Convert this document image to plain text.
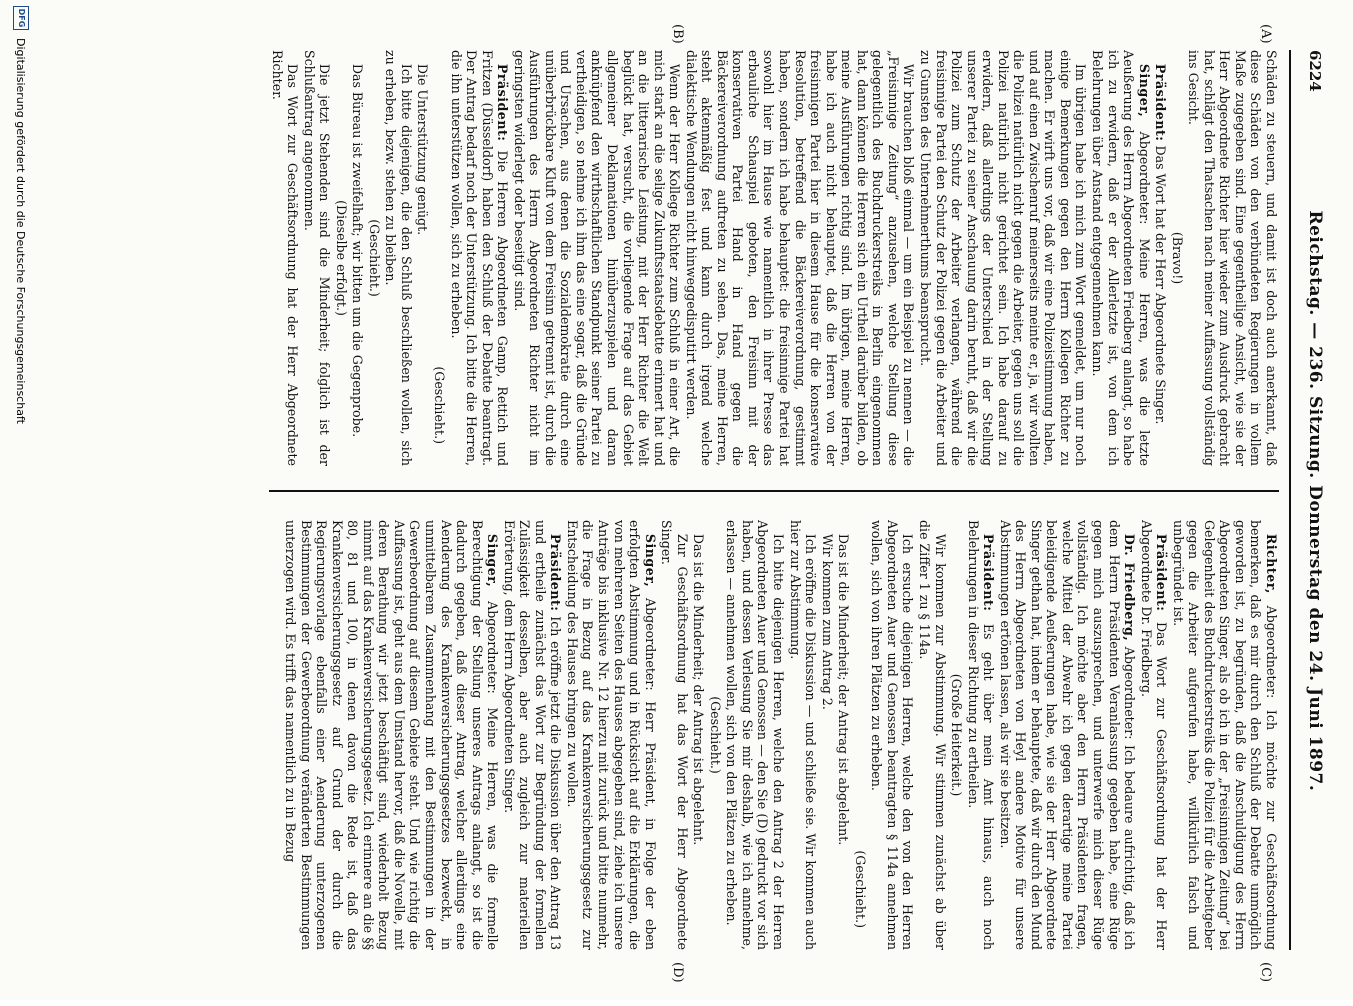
6224
Reichstag. — 236. Sitzung. Donnerstag den 24. Juni 1897.
(A)
(B)
(C)
(D)

Schäden zu steuern, und damit ist doch auch anerkannt, daß diese Schäden von den verbündeten Regierungen in vollem Maße zugegeben sind. Eine gegentheilige Ansicht, wie sie der Herr Abgeordnete Richter hier wieder zum Ausdruck gebracht hat, schlägt den Thatsachen nach meiner Auffassung vollständig ins Gesicht.

(Bravo!)

Präsident: Das Wort hat der Herr Abgeordnete Singer.

Singer, Abgeordneter: Meine Herren, was die letzte Aeußerung des Herrn Abgeordneten Friedberg anlangt, so habe ich zu erwidern, daß er der Allerletzte ist, von dem ich Belehrungen über Anstand entgegennehmen kann.

Im übrigen habe ich mich zum Wort gemeldet, um nur noch einige Bemerkungen gegen den Herrn Kollegen Richter zu machen. Er wirft uns vor, daß wir eine Polizeistimmung haben, und auf einen Zwischenruf meinerseits meinte er, ja, wir wollten die Polizei natürlich nicht gegen die Arbeiter, gegen uns soll die Polizei natürlich nicht gerichtet sein. Ich habe darauf zu erwidern, daß allerdings der Unterschied in der Stellung unserer Partei zu seiner Anschauung darin beruht, daß wir die Polizei zum Schutz der Arbeiter verlangen, während die freisinnige Partei den Schutz der Polizei gegen die Arbeiter und zu Gunsten des Unternehmerthums beansprucht.

Wir brauchen bloß einmal — um ein Beispiel zu nennen — die „Freisinnige Zeitung“ anzusehen, welche Stellung diese gelegentlich des Buchdruckerstreiks in Berlin eingenommen hat, dann können die Herren sich ein Urtheil darüber bilden, ob meine Ausführungen richtig sind. Im übrigen, meine Herren, habe ich auch nicht behauptet, daß die Herren von der freisinnigen Partei hier in diesem Hause für die konservative Resolution, betreffend die Bäckereiverordnung, gestimmt haben, sondern ich habe behauptet: die freisinnige Partei hat sowohl hier im Hause wie namentlich in ihrer Presse das erbauliche Schauspiel geboten, den Freisinn mit der konservativen Partei Hand in Hand gegen die Bäckereiverordnung auftreten zu sehen. Das, meine Herren, steht aktenmäßig fest und kann durch irgend welche dialektische Wendungen nicht hinweggedisputirt werden.

Wenn der Herr Kollege Richter zum Schluß in einer Art, die mich stark an die selige Zukunftsstaatsdebatte erinnert hat und an die litterarische Leistung, mit der Herr Richter die Welt beglückt hat, versucht, die vorliegende Frage auf das Gebiet allgemeiner Deklamationen hinüberzuspielen und daran anknüpfend den wirthschaftlichen Standpunkt seiner Partei zu vertheidigen, so nehme ich ihm das eine sogar, daß die Gründe und Ursachen, aus denen die Sozialdemokratie durch eine unüberbrückbare Kluft von dem Freisinn getrennt ist, durch die Ausführungen des Herrn Abgeordneten Richter nicht im geringsten widerlegt oder beseitigt sind.

Präsident: Die Herren Abgeordneten Gamp, Rettich und Fritzen (Düsseldorf) haben den Schluß der Debatte beantragt. Der Antrag bedarf noch der Unterstützung. Ich bitte die Herren, die ihn unterstützen wollen, sich zu erheben.

(Geschieht.)

Die Unterstützung genügt.

Ich bitte diejenigen, die den Schluß beschließen wollen, sich zu erheben, bezw. stehen zu bleiben.

(Geschieht.)

Das Büreau ist zweifelhaft; wir bitten um die Gegenprobe.

(Dieselbe erfolgt.)

Die jetzt Stehenden sind die Minderheit; folglich ist der Schlußantrag angenommen.

Das Wort zur Geschäftsordnung hat der Herr Abgeordnete Richter.

Richter, Abgeordneter: Ich möchte zur Geschäftsordnung bemerken, daß es mir durch den Schluß der Debatte unmöglich geworden ist, zu begründen, daß die Anschuldigung des Herrn Abgeordneten Singer, als ob ich in der „Freisinnigen Zeitung“ bei Gelegenheit des Buchdruckerstreiks die Polizei für die Arbeitgeber gegen die Arbeiter aufgerufen habe, willkürlich falsch und unbegründet ist.

Präsident: Das Wort zur Geschäftsordnung hat der Herr Abgeordnete Dr. Friedberg.

Dr. Friedberg, Abgeordneter: Ich bedaure aufrichtig, daß ich dem Herrn Präsidenten Veranlassung gegeben habe, eine Rüge gegen mich auszusprechen, und unterwerfe mich dieser Rüge vollständig. Ich möchte aber den Herrn Präsidenten fragen, welche Mittel der Abwehr ich gegen derartige meine Partei beleidigende Aeußerungen habe, wie sie der Herr Abgeordnete Singer gethan hat, indem er behauptete, daß wir durch den Mund des Herrn Abgeordneten von Heyl andere Motive für unsere Abstimmungen ertönen lassen, als wir sie besitzen.

Präsident: Es geht über mein Amt hinaus, auch noch Belehrungen in dieser Richtung zu ertheilen.

(Große Heiterkeit.)

Wir kommen zur Abstimmung. Wir stimmen zunächst ab über die Ziffer 1 zu § 114a.

Ich ersuche diejenigen Herren, welche den von den Herren Abgeordneten Auer und Genossen beantragten § 114a annehmen wollen, sich von ihren Plätzen zu erheben.

(Geschieht.)

Das ist die Minderheit; der Antrag ist abgelehnt.

Wir kommen zum Antrag 2.

Ich eröffne die Diskussion — und schließe sie. Wir kommen auch hier zur Abstimmung.

Ich bitte diejenigen Herren, welche den Antrag 2 der Herren Abgeordneten Auer und Genossen — den Sie (D) gedruckt vor sich haben, und dessen Verlesung Sie mir deshalb, wie ich annehme, erlassen — annehmen wollen, sich von den Plätzen zu erheben.

(Geschieht.)

Das ist die Minderheit; der Antrag ist abgelehnt.

Zur Geschäftsordnung hat das Wort der Herr Abgeordnete Singer.

Singer, Abgeordneter: Herr Präsident, in Folge der eben erfolgten Abstimmung und in Rücksicht auf die Erklärungen, die von mehreren Seiten des Hauses abgegeben sind, ziehe ich unsere Anträge bis inklusive Nr. 12 hierzu mit zurück und bitte nunmehr, die Frage in Bezug auf das Krankenversicherungsgesetz zur Entscheidung des Hauses bringen zu wollen.

Präsident: Ich eröffne jetzt die Diskussion über den Antrag 13 und ertheile zunächst das Wort zur Begründung der formellen Zulässigkeit desselben, aber auch zugleich zur materiellen Erörterung, dem Herrn Abgeordneten Singer.

Singer, Abgeordneter: Meine Herren, was die formelle Berechtigung der Stellung unseres Antrags anlangt, so ist die dadurch gegeben, daß dieser Antrag, welcher allerdings eine Aenderung des Krankenversicherungsgesetzes bezweckt, in unmittelbarem Zusammenhang mit den Bestimmungen in der Gewerbeordnung auf diesem Gebiete steht. Und wie richtig die Auffassung ist, geht aus dem Umstand hervor, daß die Novelle, mit deren Berathung wir jetzt beschäftigt sind, wiederholt Bezug nimmt auf das Krankenversicherungsgesetz. Ich erinnere an die §§ 80, 81 und 100, in denen davon die Rede ist, daß das Krankenversicherungsgesetz auf Grund der durch die Regierungsvorlage ebenfalls einer Aenderung unterzogenen Bestimmungen der Gewerbeordnung veränderten Bestimmungen unterzogen wird. Es trifft das namentlich zu in Bezug

DFG
Digitalisierung gefördert durch die Deutsche Forschungsgemeinschaft
